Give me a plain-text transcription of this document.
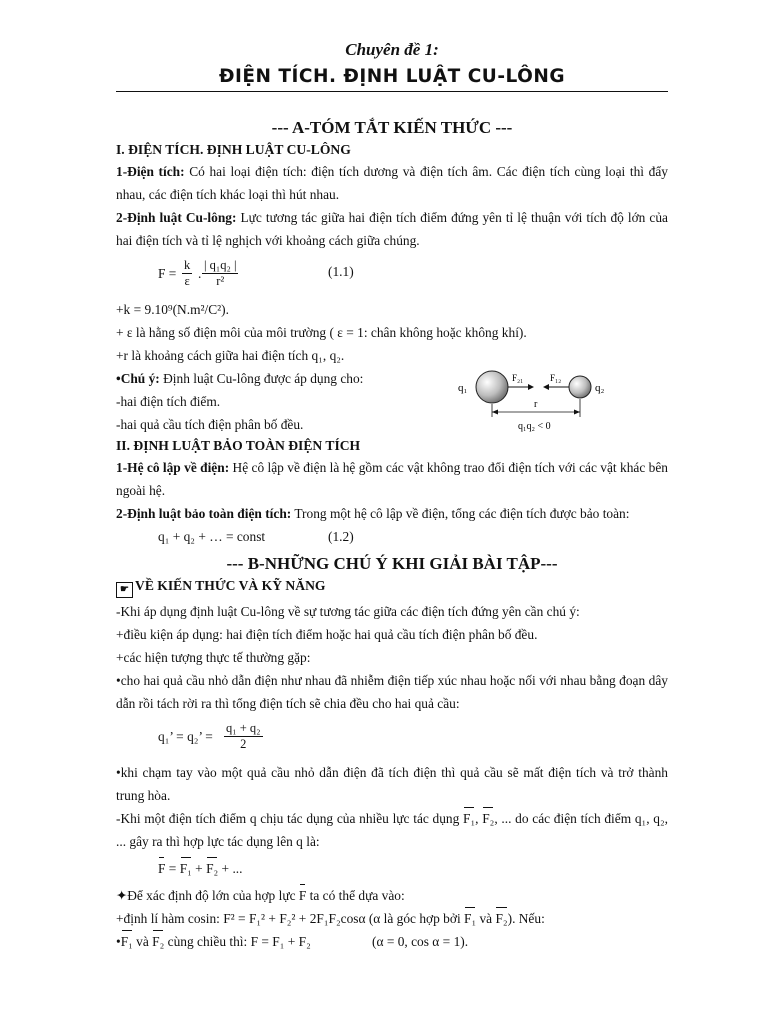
Chuyên đề 1:
ĐIỆN TÍCH. ĐỊNH LUẬT CU-LÔNG
--- A-TÓM TẮT KIẾN THỨC ---
I. ĐIỆN TÍCH. ĐỊNH LUẬT CU-LÔNG

1-Điện tích: Có hai loại điện tích: điện tích dương và điện tích âm. Các điện tích cùng loại thì đẩy nhau, các điện tích khác loại thì hút nhau.

2-Định luật Cu-lông: Lực tương tác giữa hai điện tích điểm đứng yên tỉ lệ thuận với tích độ lớn của hai điện tích và tỉ lệ nghịch với khoảng cách giữa chúng.

$F = \frac{k}{\varepsilon}$ . $\frac{\text{| q₁q₂ |}}{\text{r²}}$	(1.1)
+k = 9.10⁹(N.m²/C²).
+ ε là hằng số điện môi của môi trường ( ε = 1: chân không hoặc không khí).
+r là khoảng cách giữa hai điện tích q₁, q₂.
•Chú ý: Định luật Cu-lông được áp dụng cho:
-hai điện tích điểm.
-hai quả cầu tích điện phân bố đều.
q₁	q₂
F₂₁	F₁₂
r
q₁q₂ < 0
II. ĐỊNH LUẬT BẢO TOÀN ĐIỆN TÍCH

1-Hệ cô lập về điện: Hệ cô lập về điện là hệ gồm các vật không trao đổi điện tích với các vật khác bên ngoài hệ.

2-Định luật bảo toàn điện tích: Trong một hệ cô lập về điện, tổng các điện tích được bảo toàn:

q₁ + q₂ + … = const	(1.2)
--- B-NHỮNG CHÚ Ý KHI GIẢI BÀI TẬP---
☛ VỀ KIẾN THỨC VÀ KỸ NĂNG
-Khi áp dụng định luật Cu-lông về sự tương tác giữa các điện tích đứng yên cần chú ý:
+điều kiện áp dụng: hai điện tích điểm hoặc hai quả cầu tích điện phân bố đều.
+các hiện tượng thực tế thường gặp:

•cho hai quả cầu nhỏ dẫn điện như nhau đã nhiễm điện tiếp xúc nhau hoặc nối với nhau bằng đoạn dây dẫn rồi tách rời ra thì tổng điện tích sẽ chia đều cho hai quả cầu:

q₁’ = q₂’ = $\frac{\text{q₁ + q₂}}{2}$

•khi chạm tay vào một quả cầu nhỏ dẫn điện đã tích điện thì quả cầu sẽ mất điện tích và trở thành trung hòa.

-Khi một điện tích điểm q chịu tác dụng của nhiều lực tác dụng F₁, F₂, ... do các điện tích điểm q₁, q₂, ... gây ra thì hợp lực tác dụng lên q là:

F = F₁ + F₂ + ...
✦Để xác định độ lớn của hợp lực F ta có thể dựa vào:
+định lí hàm cosin: F² = F₁² + F₂² + 2F₁F₂cosα (α là góc hợp bởi F₁ và F₂). Nếu:
•F₁ và F₂ cùng chiều thì: F = F₁ + F₂	(α = 0, cos α = 1).
